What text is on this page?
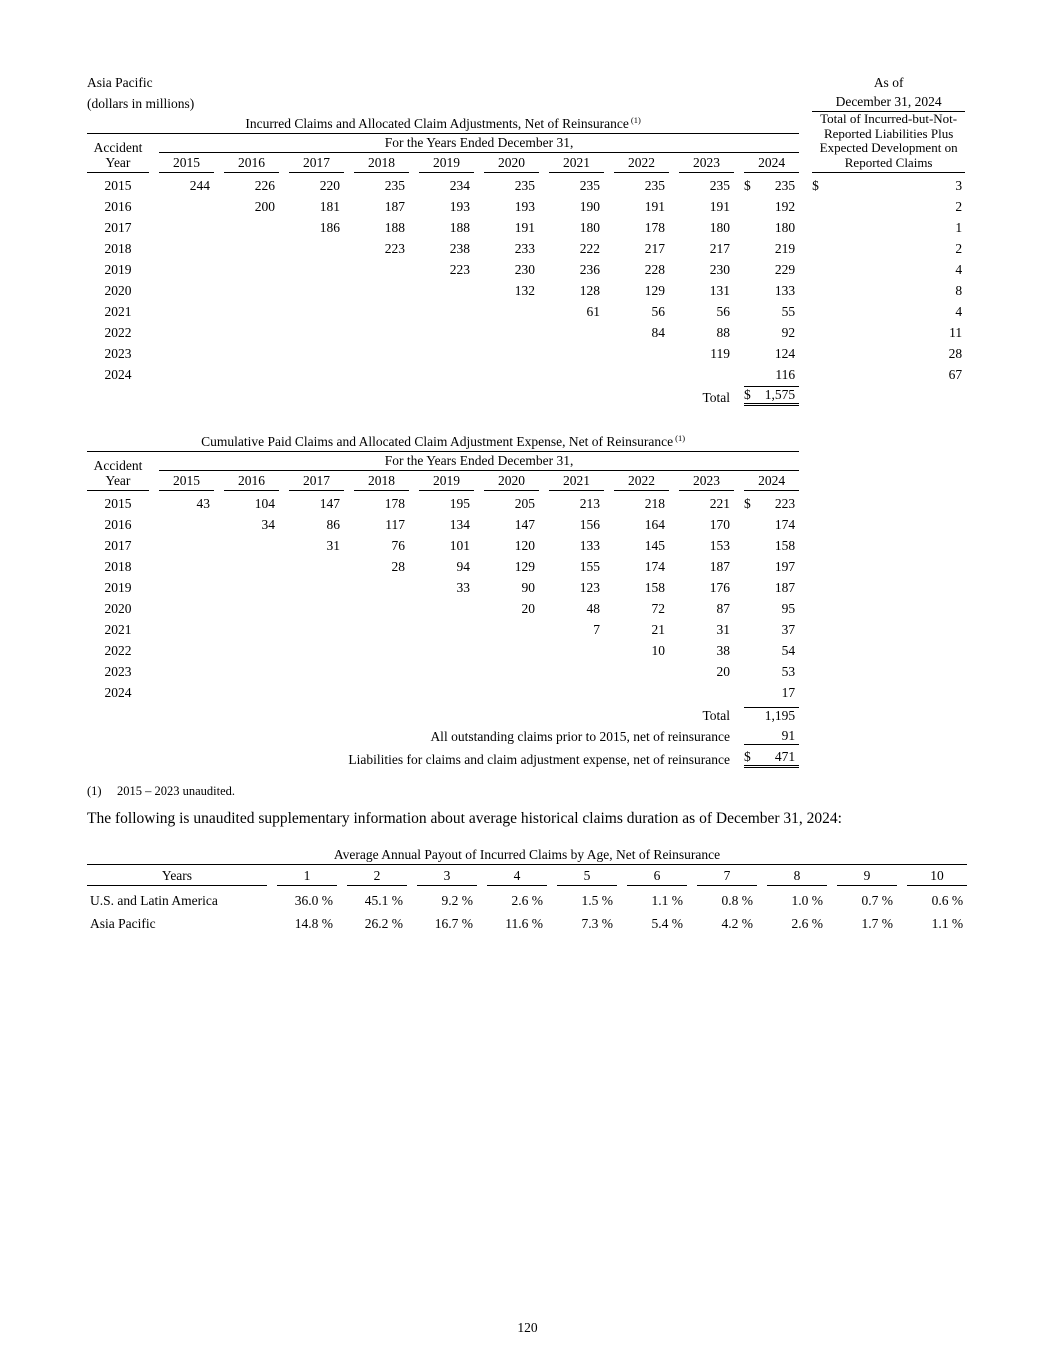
Asia Pacific											As of

(dollars in millions)											December 31, 2024

Incurred Claims and Allocated Claim Adjustments, Net of Reinsurance $^{(1)}$											Total of Incurred-but-Not-
Reported Liabilities Plus
Expected Development on
Reported Claims

Accident
Year	For the Years Ended December 31,										

	2015	2016	2017	2018	2019	2020	2021	2022	2023	2024	

2015	244	226	220	235	234	235	235	235	235	$ 235	$ 3

2016		200	181	187	193	193	190	191	191	192	2

2017			186	188	188	191	180	178	180	180	1

2018				223	238	233	222	217	217	219	2

2019					223	230	236	228	230	229	4

2020						132	128	129	131	133	8

2021							61	56	56	55	4

2022								84	88	92	11

2023									119	124	28

2024										116	67

									Total	$ 1,575	

Cumulative Paid Claims and Allocated Claim Adjustment Expense, Net of Reinsurance $^{(1)}$

Accident
Year	For the Years Ended December 31,									

	2015	2016	2017	2018	2019	2020	2021	2022	2023	2024

2015	43	104	147	178	195	205	213	218	221	$ 223

2016		34	86	117	134	147	156	164	170	174

2017			31	76	101	120	133	145	153	158

2018				28	94	129	155	174	187	197

2019					33	90	123	158	176	187

2020						20	48	72	87	95

2021							7	21	31	37

2022								10	38	54

2023									20	53

2024										17

									Total	1,195

All outstanding claims prior to 2015, net of reinsurance										91

Liabilities for claims and claim adjustment expense, net of reinsurance										$ 471
(1) 2015 – 2023 unaudited.
The following is unaudited supplementary information about average historical claims duration as of December 31, 2024:
Average Annual Payout of Incurred Claims by Age, Net of Reinsurance										

Years	1	2	3	4	5	6	7	8	9	10

U.S. and Latin America	36.0 %	45.1 %	9.2 %	2.6 %	1.5 %	1.1 %	0.8 %	1.0 %	0.7 %	0.6 %

Asia Pacific	14.8 %	26.2 %	16.7 %	11.6 %	7.3 %	5.4 %	4.2 %	2.6 %	1.7 %	1.1 %
120
